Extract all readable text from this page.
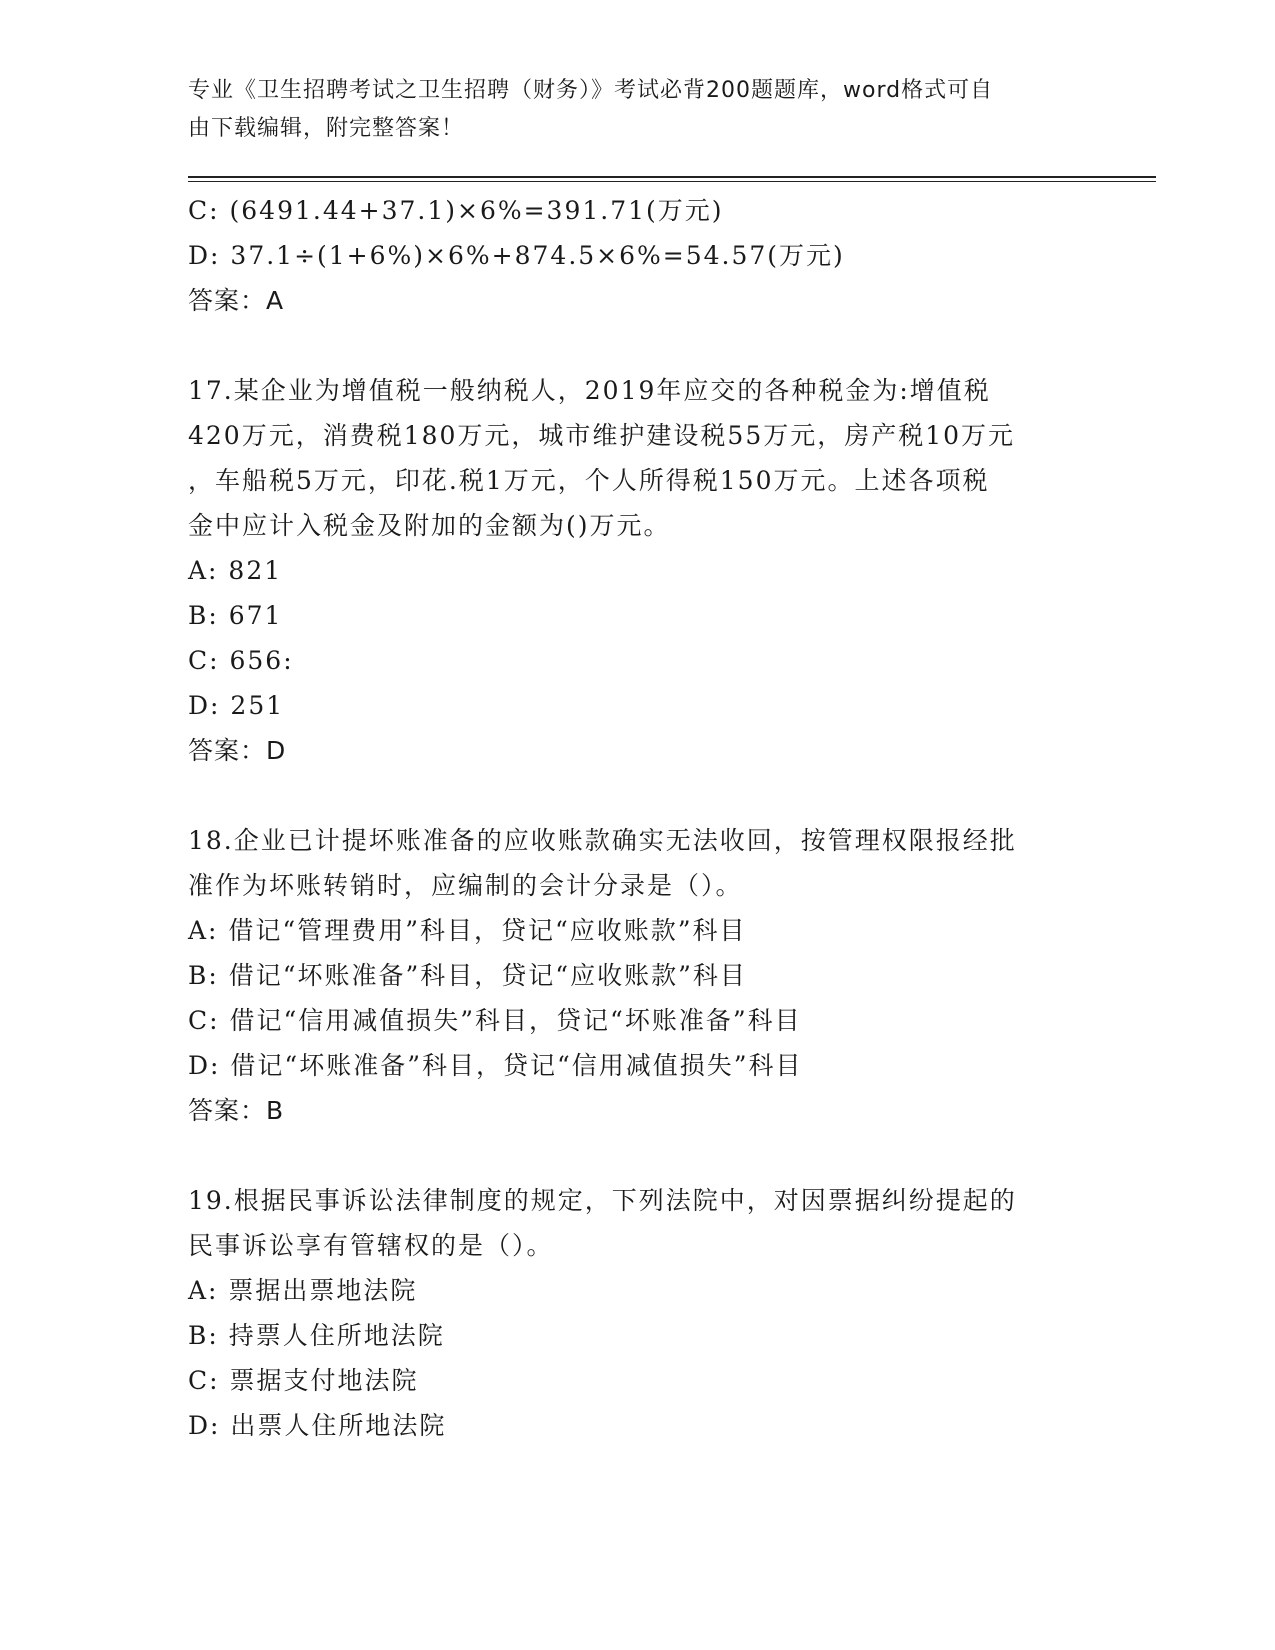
专业《卫生招聘考试之卫生招聘（财务）》考试必背200题题库，word格式可自
由下载编辑，附完整答案！
C: (6491.44+37.1)×6%=391.71(万元)
D: 37.1÷(1+6%)×6%+874.5×6%=54.57(万元)
答案：A
17.某企业为增值税一般纳税人，2019年应交的各种税金为:增值税
420万元，消费税180万元，城市维护建设税55万元，房产税10万元
，车船税5万元，印花.税1万元，个人所得税150万元。上述各项税
金中应计入税金及附加的金额为()万元。
A: 821
B: 671
C: 656:
D: 251
答案：D
18.企业已计提坏账准备的应收账款确实无法收回，按管理权限报经批
准作为坏账转销时，应编制的会计分录是（）。
A: 借记“管理费用”科目，贷记“应收账款”科目
B: 借记“坏账准备”科目，贷记“应收账款”科目
C: 借记“信用减值损失”科目，贷记“坏账准备”科目
D: 借记“坏账准备”科目，贷记“信用减值损失”科目
答案：B
19.根据民事诉讼法律制度的规定，下列法院中，对因票据纠纷提起的
民事诉讼享有管辖权的是（）。
A: 票据出票地法院
B: 持票人住所地法院
C: 票据支付地法院
D: 出票人住所地法院
